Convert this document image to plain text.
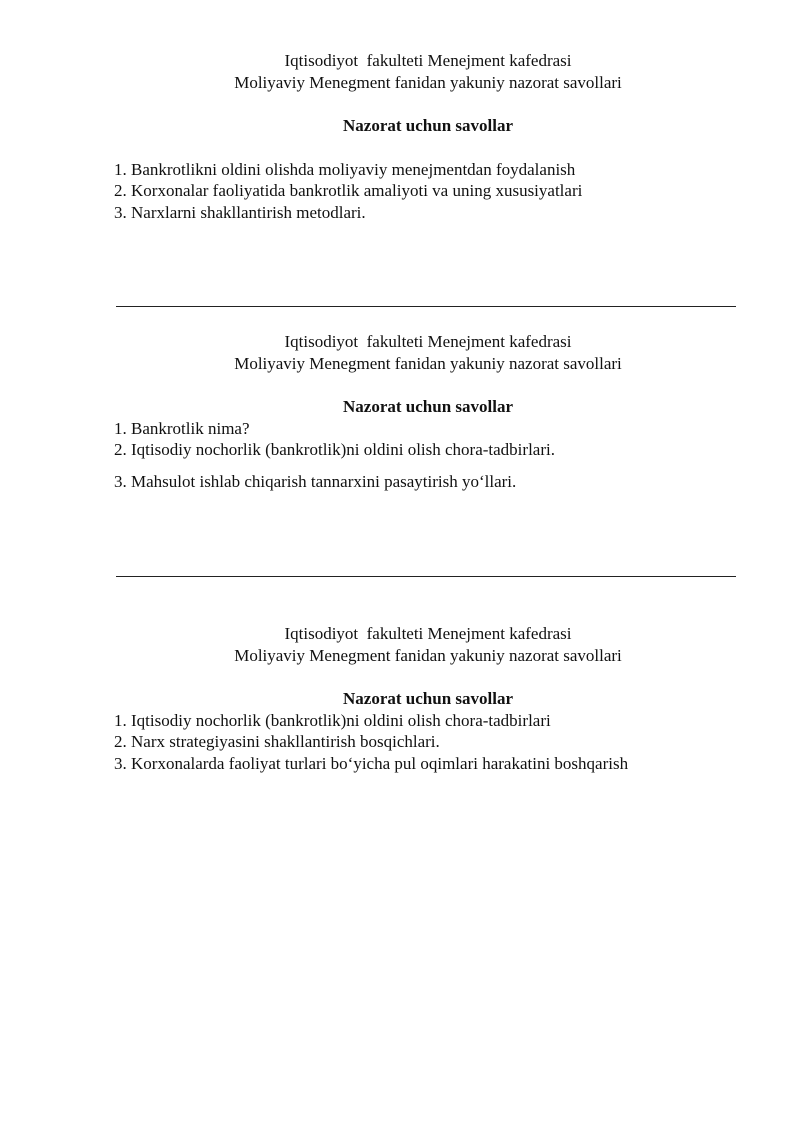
Iqtisodiyot  fakulteti Menejment kafedrasi
Moliyaviy Menegment fanidan yakuniy nazorat savollari
Nazorat uchun savollar
1. Bankrotlikni oldini olishda moliyaviy menejmentdan foydalanish
2. Korxonalar faoliyatida bankrotlik amaliyoti va uning xususiyatlari
3. Narxlarni shakllantirish metodlari.
Iqtisodiyot  fakulteti Menejment kafedrasi
Moliyaviy Menegment fanidan yakuniy nazorat savollari
Nazorat uchun savollar
1. Bankrotlik nima?
2. Iqtisodiy nochorlik (bankrotlik)ni oldini olish chora-tadbirlari.
3. Mahsulot ishlab chiqarish tannarxini pasaytirish yo‘llari.
Iqtisodiyot  fakulteti Menejment kafedrasi
Moliyaviy Menegment fanidan yakuniy nazorat savollari
Nazorat uchun savollar
1. Iqtisodiy nochorlik (bankrotlik)ni oldini olish chora-tadbirlari
2. Narx strategiyasini shakllantirish bosqichlari.
3. Korxonalarda faoliyat turlari bo‘yicha pul oqimlari harakatini boshqarish
